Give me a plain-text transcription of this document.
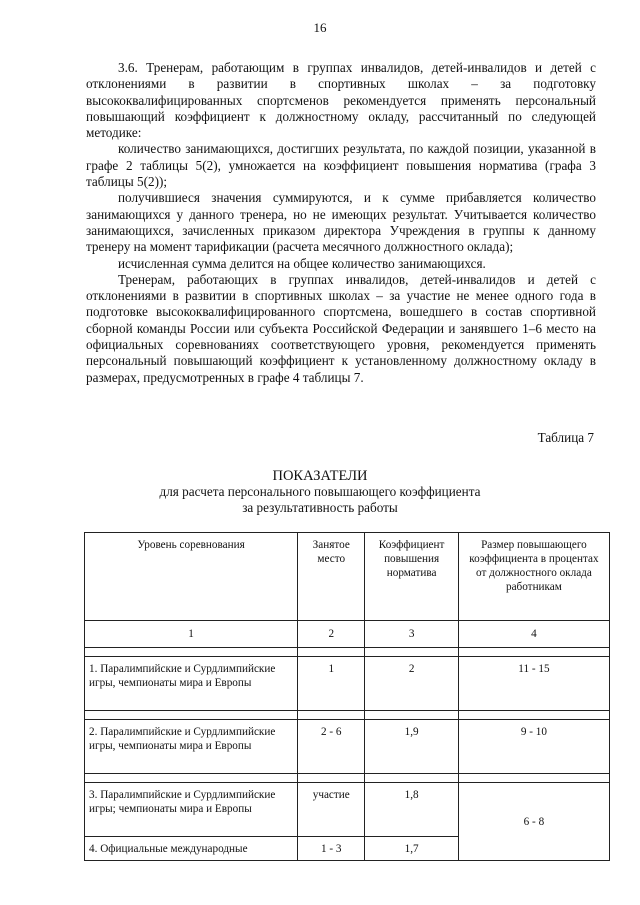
16

3.6. Тренерам, работающим в группах инвалидов, детей-инвалидов и детей с отклонениями в развитии в спортивных школах – за подготовку высококвалифицированных спортсменов рекомендуется применять персональный повышающий коэффициент к должностному окладу, рассчитанный по следующей методике:

количество занимающихся, достигших результата, по каждой позиции, указанной в графе 2 таблицы 5(2), умножается на коэффициент повышения норматива (графа 3 таблицы 5(2));

получившиеся значения суммируются, и к сумме прибавляется количество занимающихся у данного тренера, но не имеющих результат. Учитывается количество занимающихся, зачисленных приказом директора Учреждения в группы к данному тренеру на момент тарификации (расчета месячного должностного оклада);

исчисленная сумма делится на общее количество занимающихся.

Тренерам, работающих в группах инвалидов, детей-инвалидов и детей с отклонениями в развитии в спортивных школах – за участие не менее одного года в подготовке высококвалифицированного спортсмена, вошедшего в состав спортивной сборной команды России или субъекта Российской Федерации и занявшего 1–6 место на официальных соревнованиях соответствующего уровня, рекомендуется применять персональный повышающий коэффициент к установленному должностному окладу в размерах, предусмотренных в графе 4 таблицы 7.

Таблица 7
ПОКАЗАТЕЛИ
для расчета персонального повышающего коэффициента
за результативность работы
Уровень соревнования	Занятое место	Коэффициент повышения норматива	Размер повышающего коэффициента в процентах от должностного оклада работникам
1	2	3	4

1. Паралимпийские и Сурдлимпийские игры, чемпионаты мира и Европы	1	2	11 - 15

2. Паралимпийские и Сурдлимпийские игры, чемпионаты мира и Европы	2 - 6	1,9	9 - 10

3. Паралимпийские и Сурдлимпийские игры; чемпионаты мира и Европы	участие	1,8	6 - 8
4. Официальные международные	1 - 3	1,7	
